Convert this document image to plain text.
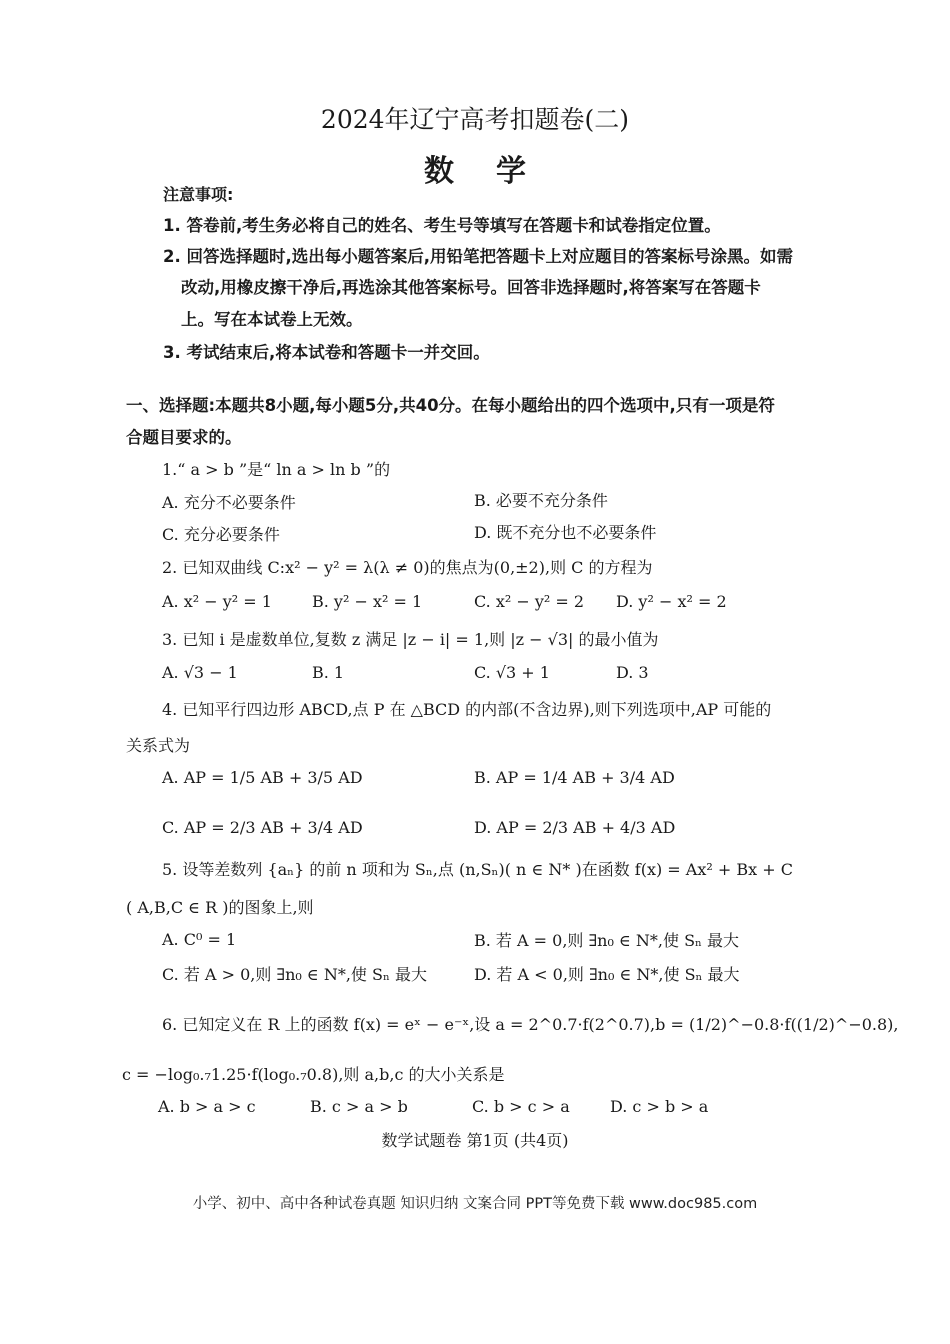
2024年辽宁高考扣题卷(二)
数学
注意事项:
1. 答卷前,考生务必将自己的姓名、考生号等填写在答题卡和试卷指定位置。
2. 回答选择题时,选出每小题答案后,用铅笔把答题卡上对应题目的答案标号涂黑。如需
改动,用橡皮擦干净后,再选涂其他答案标号。回答非选择题时,将答案写在答题卡
上。写在本试卷上无效。
3. 考试结束后,将本试卷和答题卡一并交回。
一、选择题:本题共8小题,每小题5分,共40分。在每小题给出的四个选项中,只有一项是符
合题目要求的。
1.“ a > b ”是“ ln a > ln b ”的
A. 充分不必要条件	B. 必要不充分条件
C. 充分必要条件	D. 既不充分也不必要条件
2. 已知双曲线 C:x² − y² = λ(λ ≠ 0)的焦点为(0,±2),则 C 的方程为
A. x² − y² = 1	B. y² − x² = 1	C. x² − y² = 2 D. y² − x² = 2
3. 已知 i 是虚数单位,复数 z 满足 |z − i| = 1,则 |z − √3| 的最小值为
A. √3 − 1	B. 1	C. √3 + 1	D. 3
4. 已知平行四边形 ABCD,点 P 在 △BCD 的内部(不含边界),则下列选项中,AP 可能的
关系式为
A. AP = 1/5 AB + 3/5 AD	B. AP = 1/4 AB + 3/4 AD
C. AP = 2/3 AB + 3/4 AD	D. AP = 2/3 AB + 4/3 AD
5. 设等差数列 {aₙ} 的前 n 项和为 Sₙ,点 (n,Sₙ)( n ∈ N* )在函数 f(x) = Ax² + Bx + C
( A,B,C ∈ R )的图象上,则
A. C⁰ = 1	B. 若 A = 0,则 ∃n₀ ∈ N*,使 Sₙ 最大
C. 若 A > 0,则 ∃n₀ ∈ N*,使 Sₙ 最大	D. 若 A < 0,则 ∃n₀ ∈ N*,使 Sₙ 最大
6. 已知定义在 R 上的函数 f(x) = eˣ − e⁻ˣ,设 a = 2^0.7·f(2^0.7),b = (1/2)^−0.8·f((1/2)^−0.8),
c = −log₀.₇1.25·f(log₀.₇0.8),则 a,b,c 的大小关系是
A. b > a > c	B. c > a > b	C. b > c > a	D. c > b > a
数学试题卷 第1页 (共4页)
小学、初中、高中各种试卷真题 知识归纳 文案合同 PPT等免费下载 www.doc985.com
